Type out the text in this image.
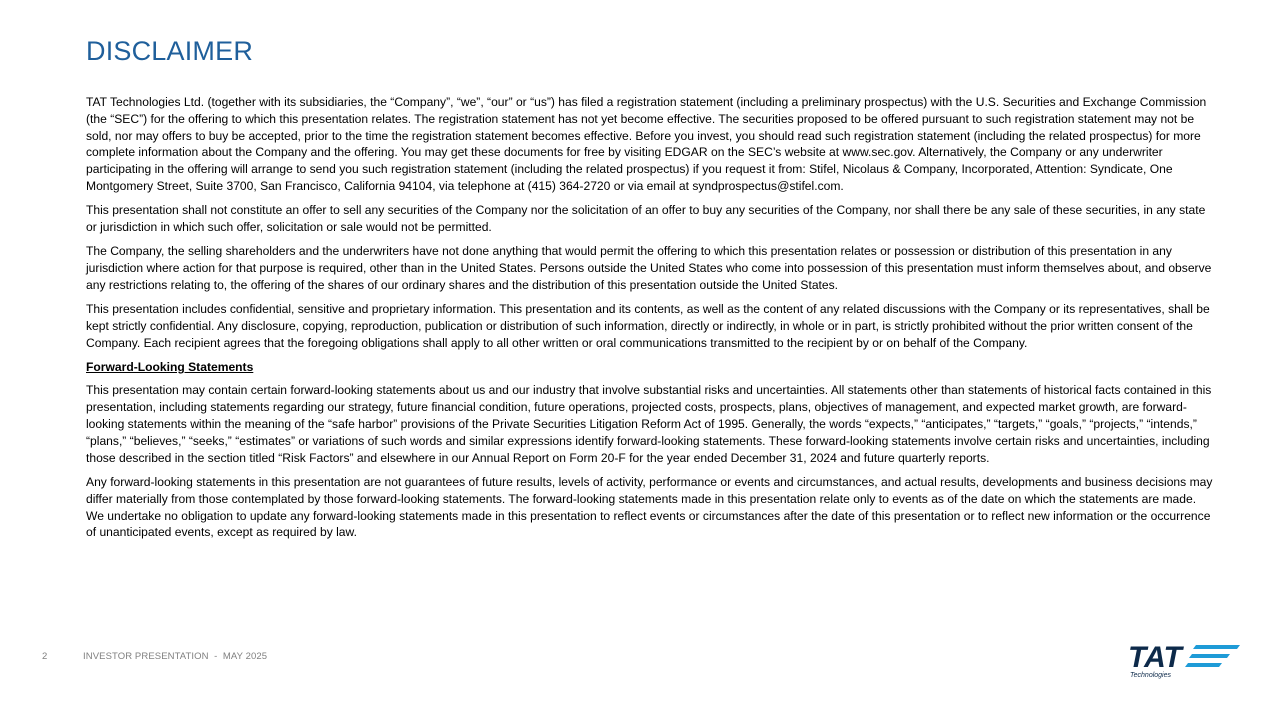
DISCLAIMER

TAT Technologies Ltd. (together with its subsidiaries, the “Company”, “we”, “our” or “us”) has filed a registration statement (including a preliminary prospectus) with the U.S. Securities and Exchange Commission (the “SEC”) for the offering to which this presentation relates. The registration statement has not yet become effective. The securities proposed to be offered pursuant to such registration statement may not be sold, nor may offers to buy be accepted, prior to the time the registration statement becomes effective. Before you invest, you should read such registration statement (including the related prospectus) for more complete information about the Company and the offering. You may get these documents for free by visiting EDGAR on the SEC’s website at www.sec.gov. Alternatively, the Company or any underwriter participating in the offering will arrange to send you such registration statement (including the related prospectus) if you request it from: Stifel, Nicolaus & Company, Incorporated, Attention: Syndicate, One Montgomery Street, Suite 3700, San Francisco, California 94104, via telephone at (415) 364-2720 or via email at syndprospectus@stifel.com.

This presentation shall not constitute an offer to sell any securities of the Company nor the solicitation of an offer to buy any securities of the Company, nor shall there be any sale of these securities, in any state or jurisdiction in which such offer, solicitation or sale would not be permitted.

The Company, the selling shareholders and the underwriters have not done anything that would permit the offering to which this presentation relates or possession or distribution of this presentation in any jurisdiction where action for that purpose is required, other than in the United States. Persons outside the United States who come into possession of this presentation must inform themselves about, and observe any restrictions relating to, the offering of the shares of our ordinary shares and the distribution of this presentation outside the United States.

This presentation includes confidential, sensitive and proprietary information. This presentation and its contents, as well as the content of any related discussions with the Company or its representatives, shall be kept strictly confidential. Any disclosure, copying, reproduction, publication or distribution of such information, directly or indirectly, in whole or in part, is strictly prohibited without the prior written consent of the Company. Each recipient agrees that the foregoing obligations shall apply to all other written or oral communications transmitted to the recipient by or on behalf of the Company.

Forward-Looking Statements

This presentation may contain certain forward-looking statements about us and our industry that involve substantial risks and uncertainties. All statements other than statements of historical facts contained in this presentation, including statements regarding our strategy, future financial condition, future operations, projected costs, prospects, plans, objectives of management, and expected market growth, are forward-looking statements within the meaning of the “safe harbor” provisions of the Private Securities Litigation Reform Act of 1995. Generally, the words “expects,” “anticipates,” “targets,” “goals,” “projects,” “intends,” “plans,” “believes,” “seeks,” “estimates” or variations of such words and similar expressions identify forward-looking statements. These forward-looking statements involve certain risks and uncertainties, including those described in the section titled “Risk Factors” and elsewhere in our Annual Report on Form 20-F for the year ended December 31, 2024 and future quarterly reports.

Any forward-looking statements in this presentation are not guarantees of future results, levels of activity, performance or events and circumstances, and actual results, developments and business decisions may differ materially from those contemplated by those forward-looking statements. The forward-looking statements made in this presentation relate only to events as of the date on which the statements are made. We undertake no obligation to update any forward-looking statements made in this presentation to reflect events or circumstances after the date of this presentation or to reflect new information or the occurrence of unanticipated events, except as required by law.

2	INVESTOR PRESENTATION  -  MAY 2025	TAT
Technologies
